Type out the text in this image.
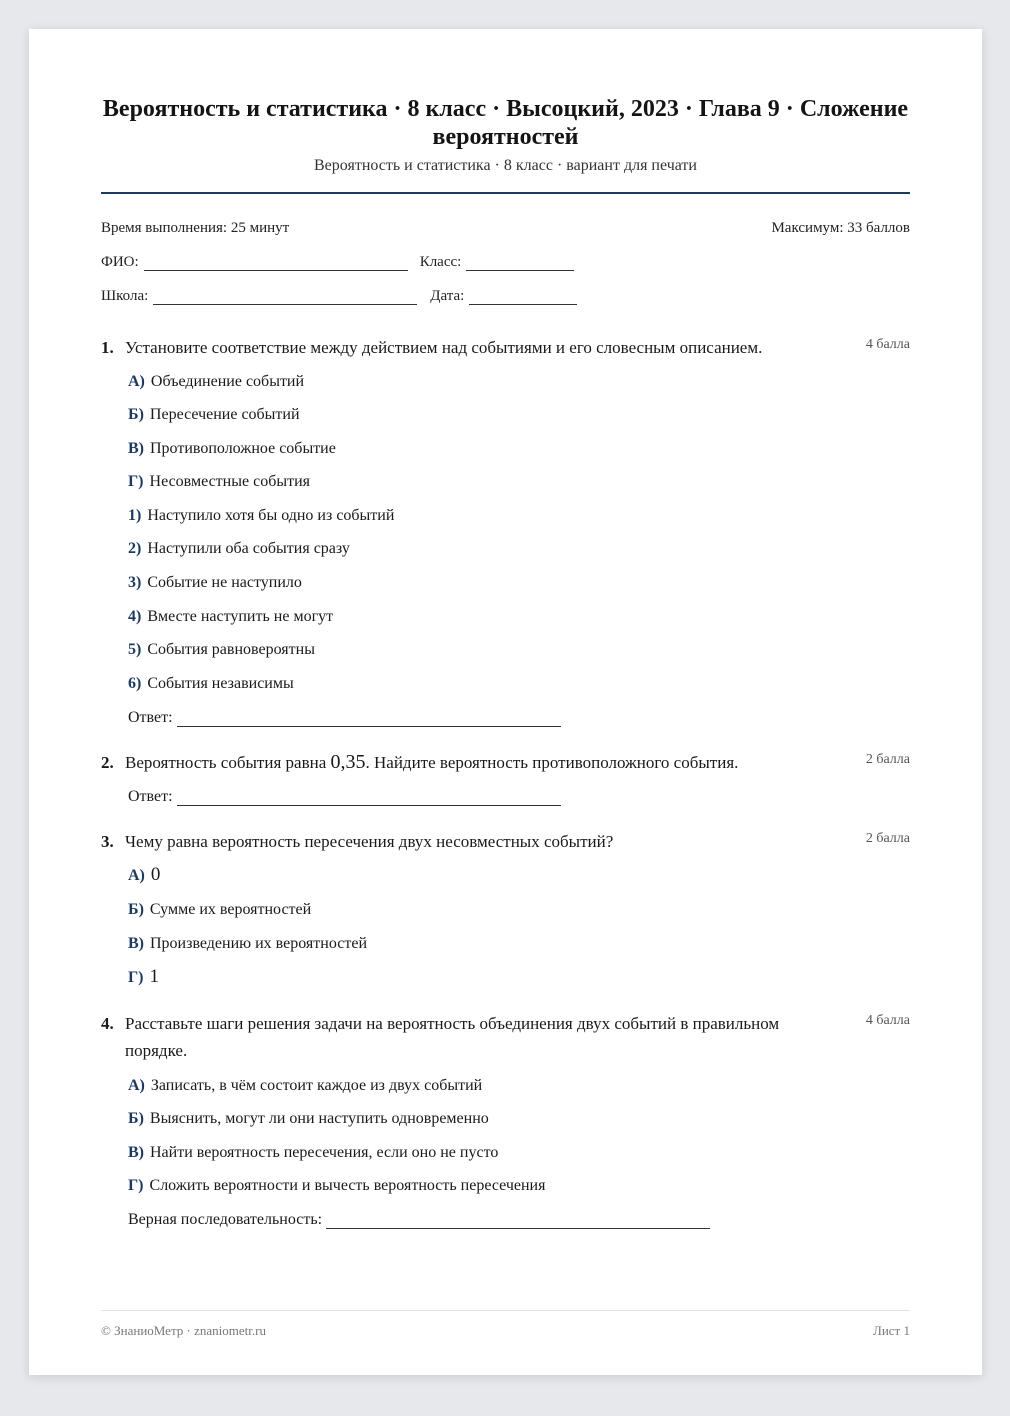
Вероятность и статистика · 8 класс · Высоцкий, 2023 · Глава 9 · Сложение вероятностей
Вероятность и статистика · 8 класс · вариант для печати
Время выполнения: 25 минут	Максимум: 33 баллов
ФИО:	Класс:
Школа:	Дата:
1. Установите соответствие между действием над событиями и его словесным описанием.	4 балла
А) Объединение событий
Б) Пересечение событий
В) Противоположное событие
Г) Несовместные события
1) Наступило хотя бы одно из событий
2) Наступили оба события сразу
3) Событие не наступило
4) Вместе наступить не могут
5) События равновероятны
6) События независимы
Ответ:
2. Вероятность события равна 0,35. Найдите вероятность противоположного события.	2 балла
Ответ:
3. Чему равна вероятность пересечения двух несовместных событий?	2 балла
А) 0
Б) Сумме их вероятностей
В) Произведению их вероятностей
Г) 1
4. Расставьте шаги решения задачи на вероятность объединения двух событий в правильном порядке.
4 балла
А) Записать, в чём состоит каждое из двух событий
Б) Выяснить, могут ли они наступить одновременно
В) Найти вероятность пересечения, если оно не пусто
Г) Сложить вероятности и вычесть вероятность пересечения
Верная последовательность:
© ЗнаниоМетр · znaniometr.ru	Лист 1
